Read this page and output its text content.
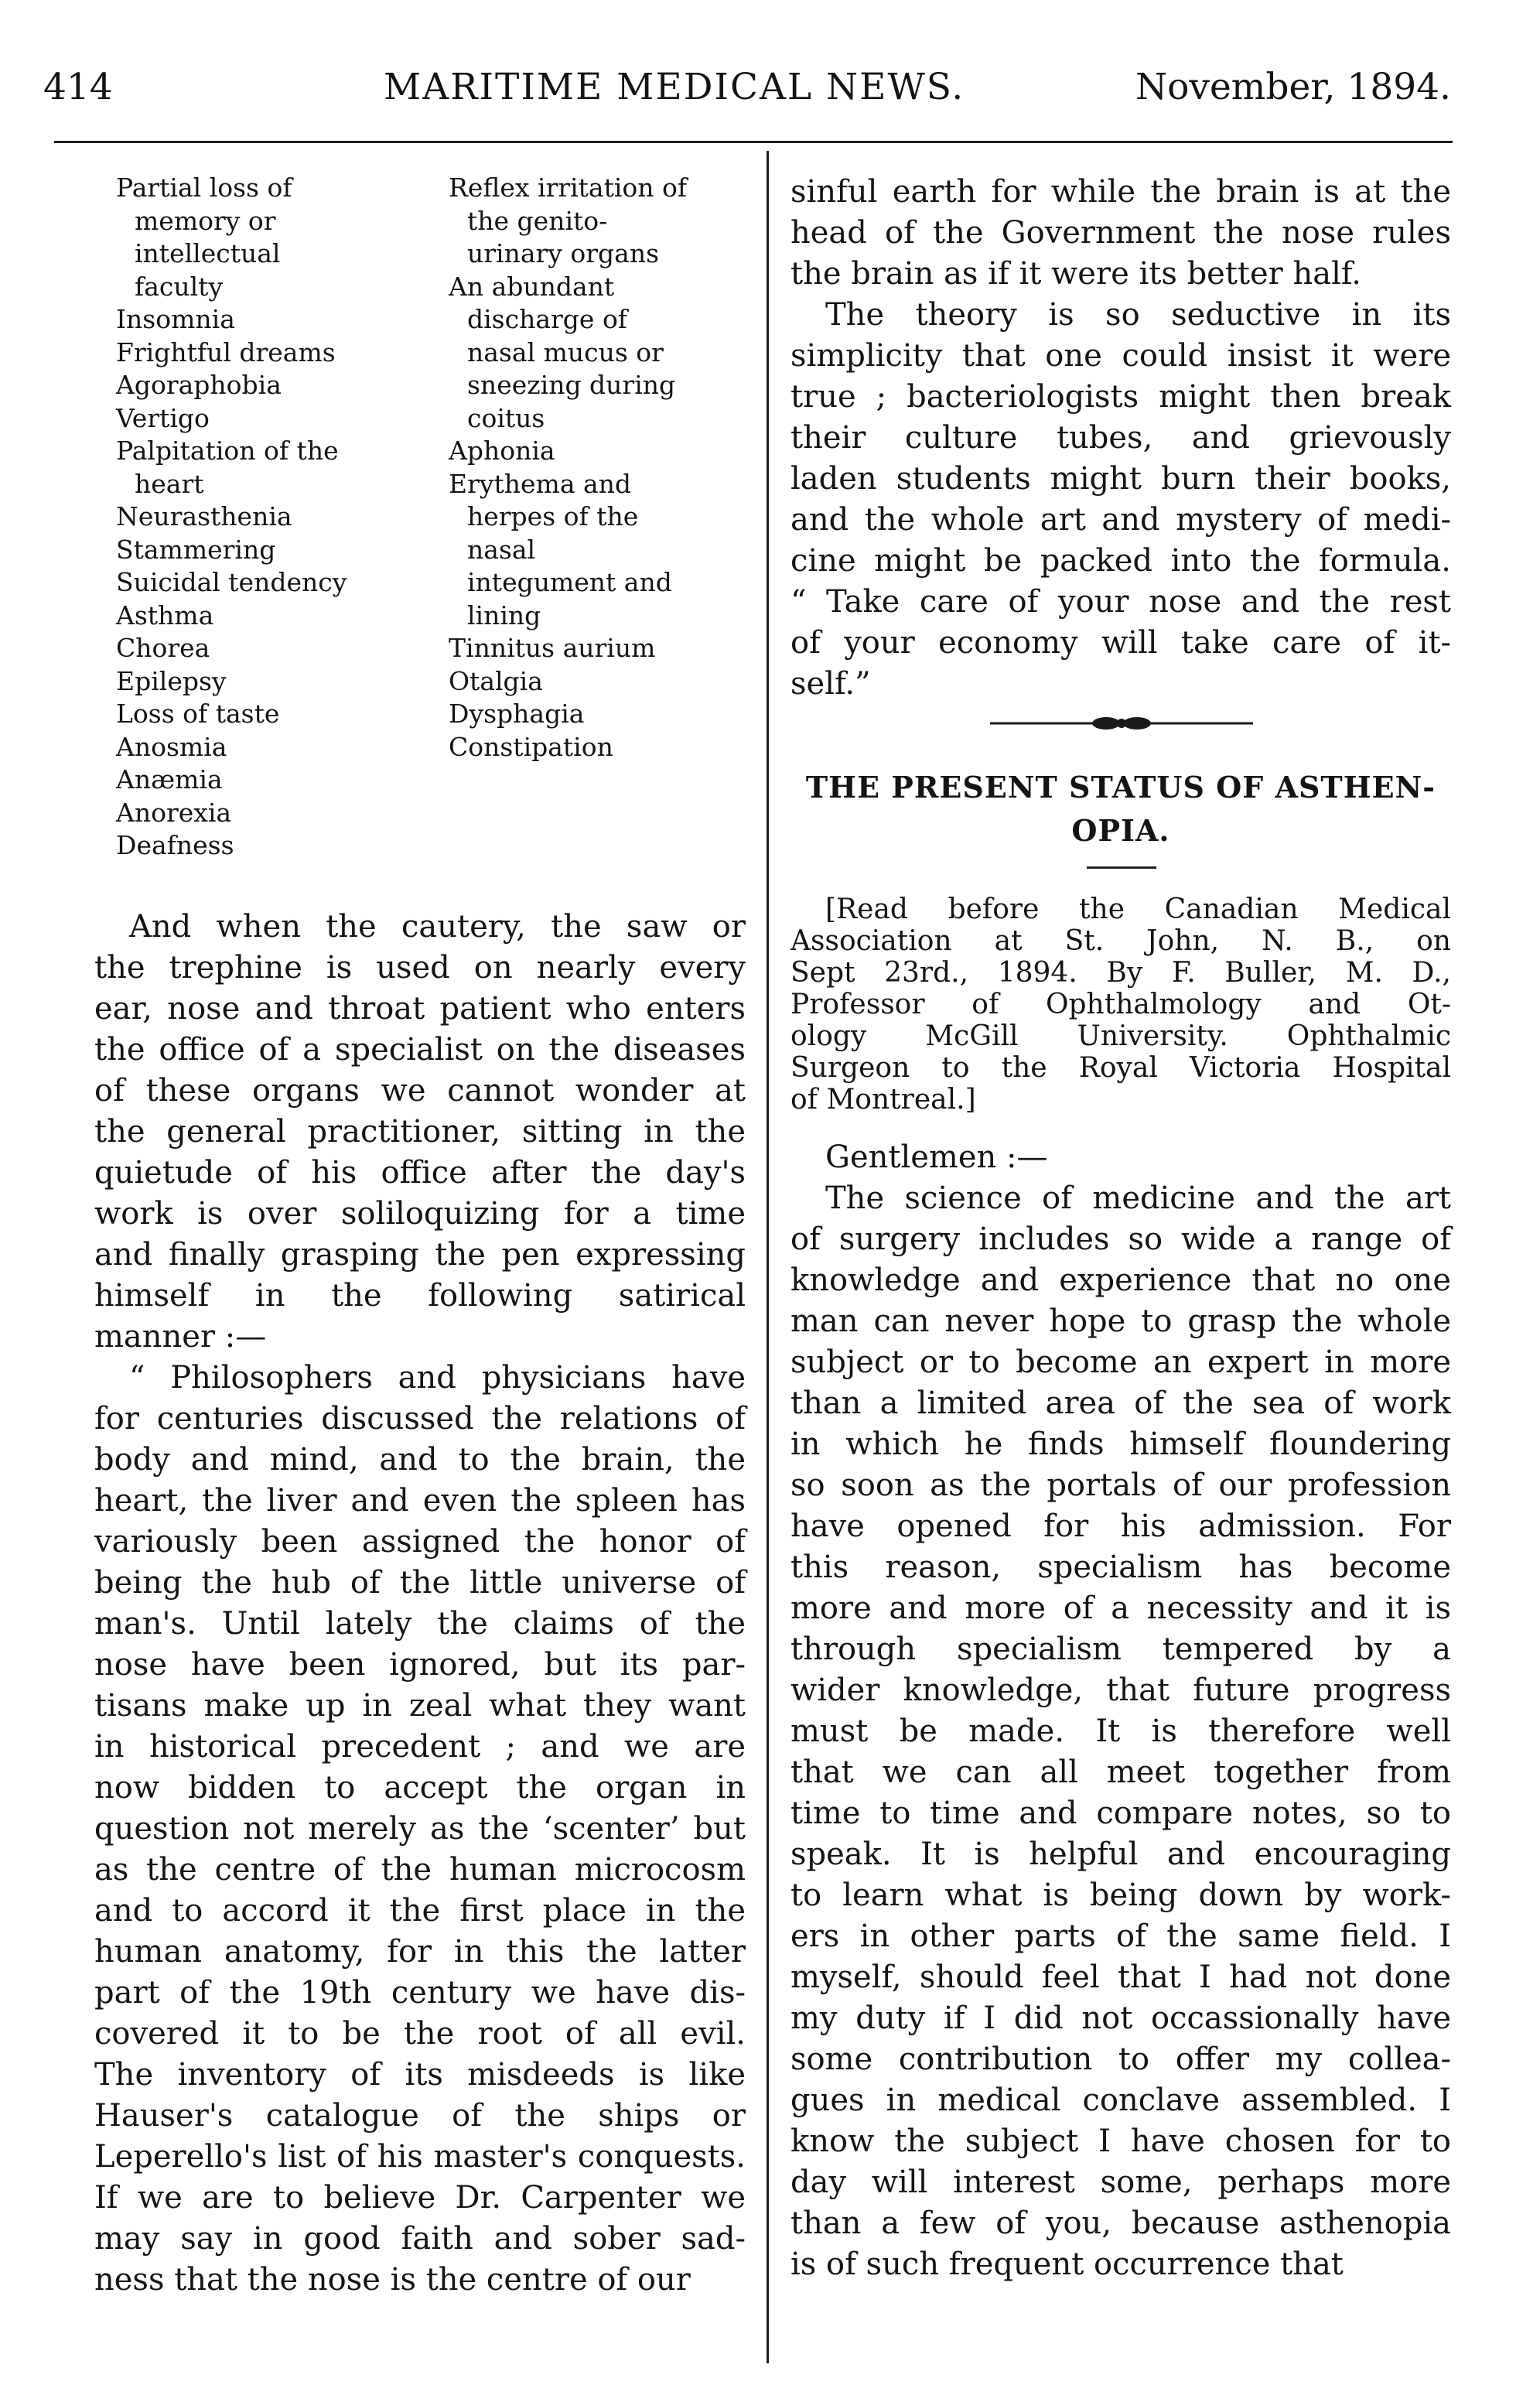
414	MARITIME MEDICAL NEWS.	November, 1894.
Partial loss of memory or intellectual faculty
Insomnia
Frightful dreams
Agoraphobia
Vertigo
Palpitation of the heart
Neurasthenia
Stammering
Suicidal tendency
Asthma
Chorea
Epilepsy
Loss of taste
Anosmia
Anæmia
Anorexia
Deafness
Reflex irritation of the genito-urinary organs
An abundant discharge of nasal mucus or sneezing during coitus
Aphonia
Erythema and herpes of the nasal integument and lining
Tinnitus aurium
Otalgia
Dysphagia
Constipation
And when the cautery, the saw or
the trephine is used on nearly every
ear, nose and throat patient who enters
the office of a specialist on the diseases
of these organs we cannot wonder at
the general practitioner, sitting in the
quietude of his office after the day's
work is over soliloquizing for a time
and finally grasping the pen expressing
himself in the following satirical
manner :—
“ Philosophers and physicians have
for centuries discussed the relations of
body and mind, and to the brain, the
heart, the liver and even the spleen has
variously been assigned the honor of
being the hub of the little universe of
man's. Until lately the claims of the
nose have been ignored, but its par-
tisans make up in zeal what they want
in historical precedent ; and we are
now bidden to accept the organ in
question not merely as the ‘scenter’ but
as the centre of the human microcosm
and to accord it the first place in the
human anatomy, for in this the latter
part of the 19th century we have dis-
covered it to be the root of all evil.
The inventory of its misdeeds is like
Hauser's catalogue of the ships or
Leperello's list of his master's conquests.
If we are to believe Dr. Carpenter we
may say in good faith and sober sad-
ness that the nose is the centre of our
sinful earth for while the brain is at the
head of the Government the nose rules
the brain as if it were its better half.
The theory is so seductive in its
simplicity that one could insist it were
true ; bacteriologists might then break
their culture tubes, and grievously
laden students might burn their books,
and the whole art and mystery of medi-
cine might be packed into the formula.
“ Take care of your nose and the rest
of your economy will take care of it-
self.”
THE PRESENT STATUS OF ASTHEN-
OPIA.
[Read before the Canadian Medical
Association at St. John, N. B., on
Sept 23rd., 1894. By F. Buller, M. D.,
Professor of Ophthalmology and Ot-
ology McGill University. Ophthalmic
Surgeon to the Royal Victoria Hospital
of Montreal.]
Gentlemen :—
The science of medicine and the art
of surgery includes so wide a range of
knowledge and experience that no one
man can never hope to grasp the whole
subject or to become an expert in more
than a limited area of the sea of work
in which he finds himself floundering
so soon as the portals of our profession
have opened for his admission. For
this reason, specialism has become
more and more of a necessity and it is
through specialism tempered by a
wider knowledge, that future progress
must be made. It is therefore well
that we can all meet together from
time to time and compare notes, so to
speak. It is helpful and encouraging
to learn what is being down by work-
ers in other parts of the same field. I
myself, should feel that I had not done
my duty if I did not occassionally have
some contribution to offer my collea-
gues in medical conclave assembled. I
know the subject I have chosen for to
day will interest some, perhaps more
than a few of you, because asthenopia
is of such frequent occurrence that
